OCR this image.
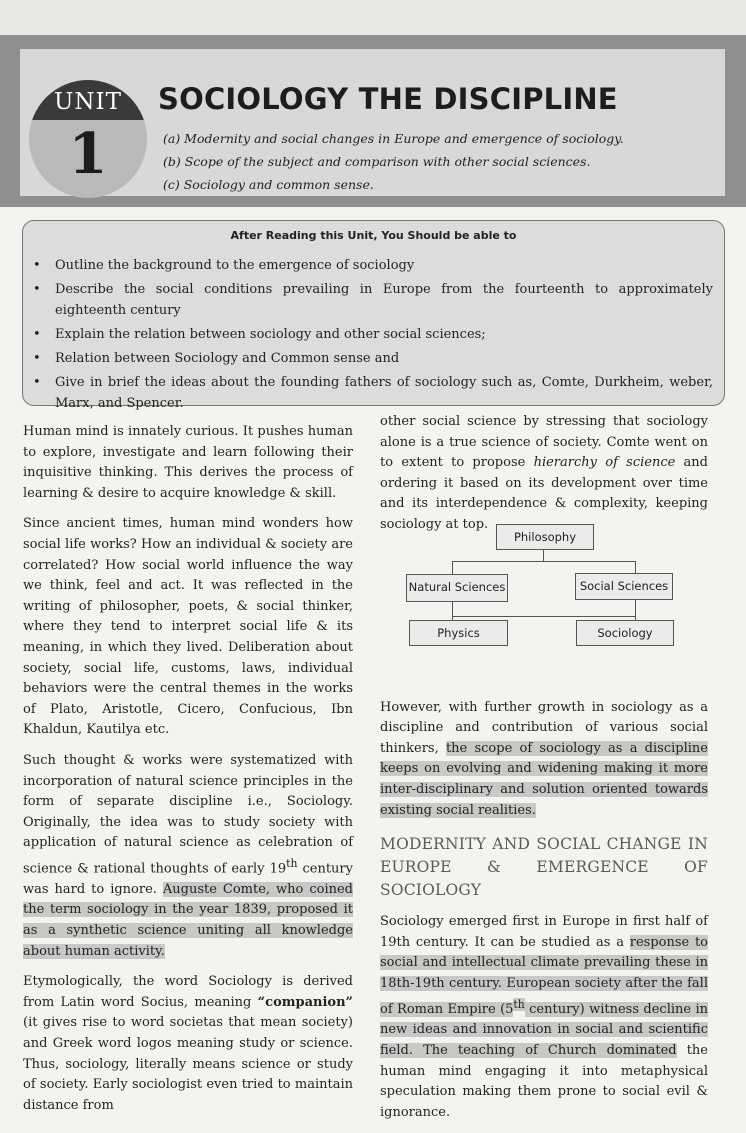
UNIT
1
SOCIOLOGY THE DISCIPLINE
(a) Modernity and social changes in Europe and emergence of sociology.
(b) Scope of the subject and comparison with other social sciences.
(c) Sociology and common sense.
After Reading this Unit, You Should be able to
• Outline the background to the emergence of sociology
• Describe the social conditions prevailing in Europe from the fourteenth to approximately eighteenth century
• Explain the relation between sociology and other social sciences;
• Relation between Sociology and Common sense and
• Give in brief the ideas about the founding fathers of sociology such as, Comte, Durkheim, weber, Marx, and Spencer.

Human mind is innately curious. It pushes human to explore, investigate and learn following their inquisitive thinking. This derives the process of learning & desire to acquire knowledge & skill.

Since ancient times, human mind wonders how social life works? How an individual & society are correlated? How social world influence the way we think, feel and act. It was reflected in the writing of philosopher, poets, & social thinker, where they tend to interpret social life & its meaning, in which they lived. Deliberation about society, social life, customs, laws, individual behaviors were the central themes in the works of Plato, Aristotle, Cicero, Confucious, Ibn Khaldun, Kautilya etc.

Such thought & works were systematized with incorporation of natural science principles in the form of separate discipline i.e., Sociology. Originally, the idea was to study society with application of natural science as celebration of science & rational thoughts of early 19th century was hard to ignore. Auguste Comte, who coined the term sociology in the year 1839, proposed it as a synthetic science uniting all knowledge about human activity.

Etymologically, the word Sociology is derived from Latin word Socius, meaning “companion” (it gives rise to word societas that mean society) and Greek word logos meaning study or science. Thus, sociology, literally means science or study of society. Early sociologist even tried to maintain distance from

other social science by stressing that sociology alone is a true science of society. Comte went on to extent to propose hierarchy of science and ordering it based on its development over time and its interdependence & complexity, keeping sociology at top.

However, with further growth in sociology as a discipline and contribution of various social thinkers, the scope of sociology as a discipline keeps on evolving and widening making it more inter-disciplinary and solution oriented towards existing social realities.

MODERNITY AND SOCIAL CHANGE IN EUROPE & EMERGENCE OF SOCIOLOGY

Sociology emerged first in Europe in first half of 19th century. It can be studied as a response to social and intellectual climate prevailing these in 18th-19th century. European society after the fall of Roman Empire (5th century) witness decline in new ideas and innovation in social and scientific field. The teaching of Church dominated the human mind engaging it into metaphysical speculation making them prone to social evil & ignorance.

Philosophy
Natural Sciences	Social Sciences
Physics	Sociology
